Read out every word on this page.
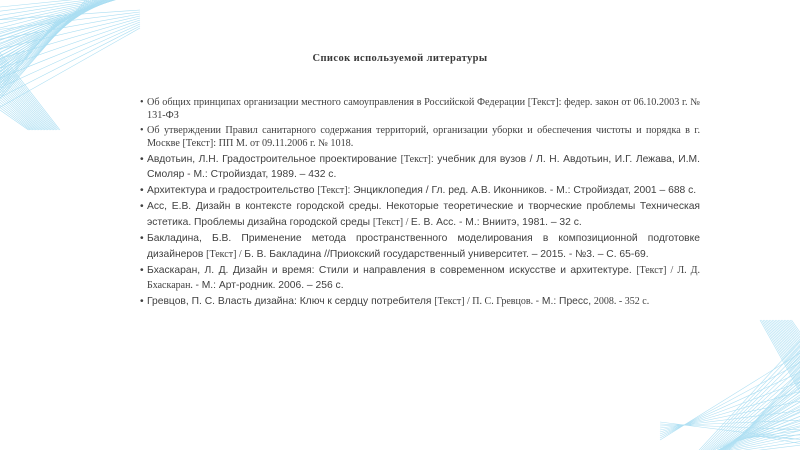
Список используемой литературы
• Об общих принципах организации местного самоуправления в Российской Федерации [Текст]: федер. закон от 06.10.2003 г. № 131-ФЗ
• Об утверждении Правил санитарного содержания территорий, организации уборки и обеспечения чистоты и порядка в г. Москве [Текст]: ПП М. от 09.11.2006 г. № 1018.
• Авдотьин, Л.Н. Градостроительное проектирование [Текст]: учебник для вузов / Л. Н. Авдотьин, И.Г. Лежава, И.М. Смоляр - М.: Стройиздат, 1989. – 432 с.
• Архитектура и градостроительство [Текст]: Энциклопедия / Гл. ред. А.В. Иконников. - М.: Стройиздат, 2001 – 688 с.
• Асс, Е.В. Дизайн в контексте городской среды. Некоторые теоретические и творческие проблемы Техническая эстетика. Проблемы дизайна городской среды [Текст] / Е. В. Асс. - М.: Вниитэ, 1981. – 32 с.
• Бакладина, Б.В. Применение метода пространственного моделирования в композиционной подготовке дизайнеров [Текст] / Б. В. Бакладина //Приокский государственный университет. – 2015. - №3. – С. 65-69.
• Бхаскаран, Л. Д. Дизайн и время: Стили и направления в современном искусстве и архитектуре. [Текст] / Л. Д. Бхаскаран. - М.: Арт-родник. 2006. – 256 с.
• Гревцов, П. С. Власть дизайна: Ключ к сердцу потребителя [Текст] / П. С. Гревцов. - М.: Пресс, 2008. - 352 с.
